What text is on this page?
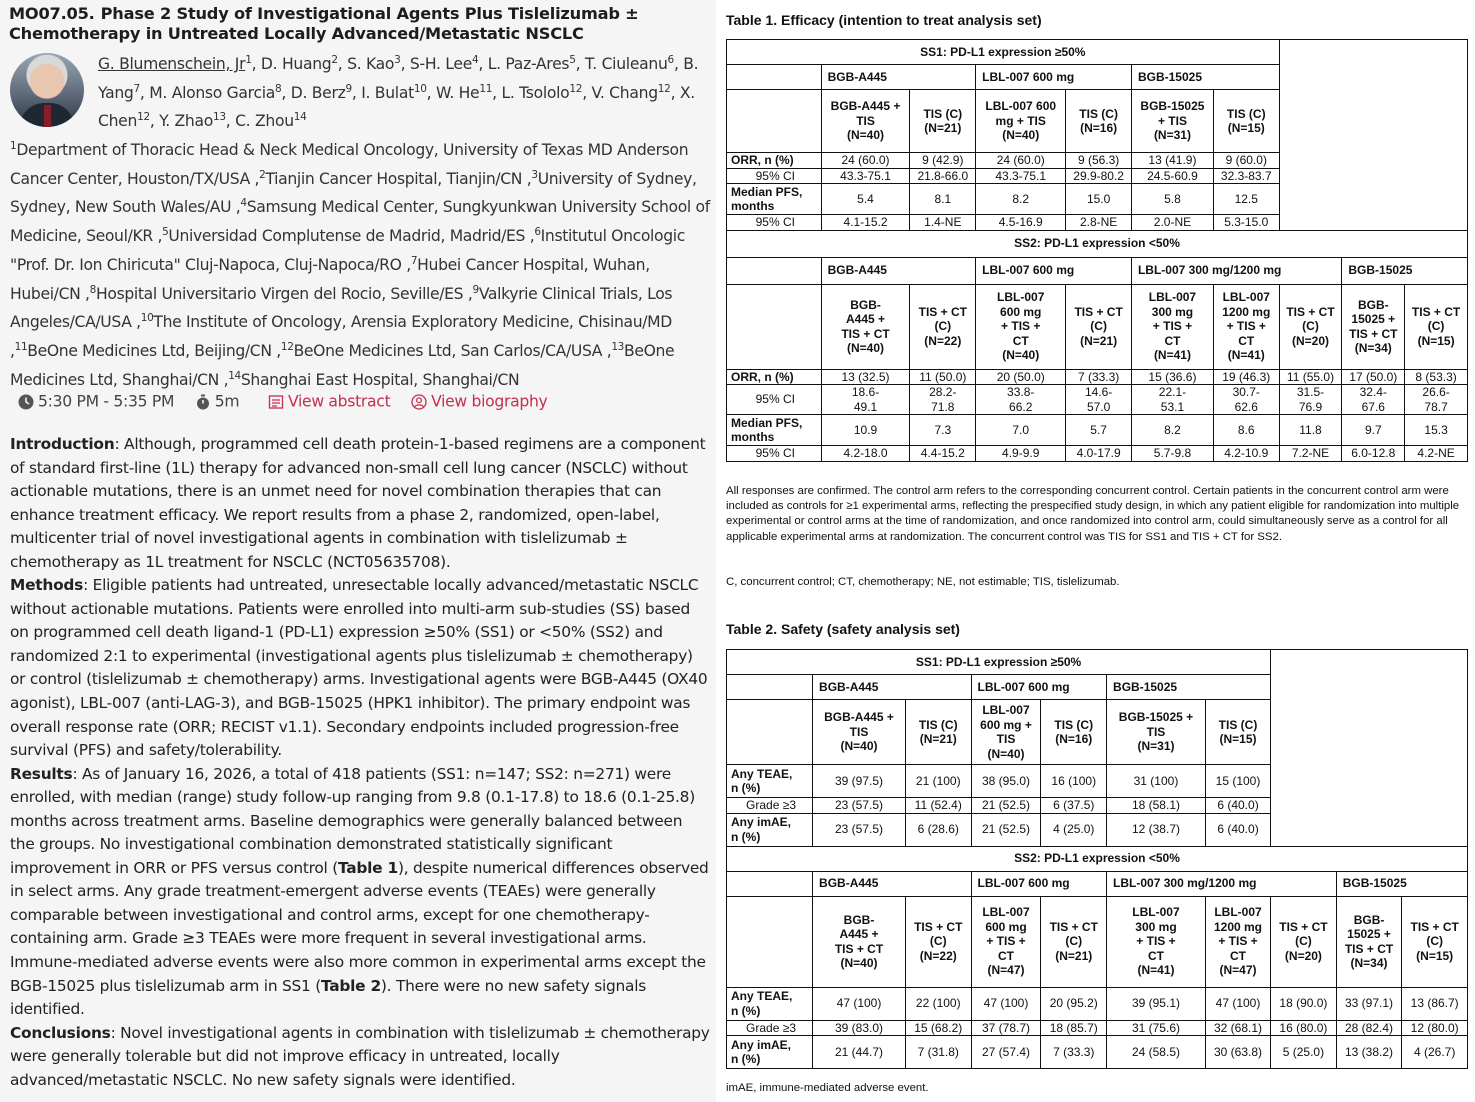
MO07.05. Phase 2 Study of Investigational Agents Plus Tislelizumab ± Chemotherapy in Untreated Locally Advanced/Metastatic NSCLC
G. Blumenschein, Jr$^1$, D. Huang$^2$, S. Kao$^3$, S-H. Lee$^4$, L. Paz-Ares$^5$, T. Ciuleanu$^6$, B. Yang$^7$, M. Alonso Garcia$^8$, D. Berz$^9$, I. Bulat$^{10}$, W. He$^{11}$, L. Tsololo$^{12}$, V. Chang$^{12}$, X. Chen$^{12}$, Y. Zhao$^{13}$, C. Zhou$^{14}$
$^1$Department of Thoracic Head & Neck Medical Oncology, University of Texas MD Anderson Cancer Center, Houston/TX/USA ,$^2$Tianjin Cancer Hospital, Tianjin/CN ,$^3$University of Sydney, Sydney, New South Wales/AU ,$^4$Samsung Medical Center, Sungkyunkwan University School of Medicine, Seoul/KR ,$^5$Universidad Complutense de Madrid, Madrid/ES ,$^6$Institutul Oncologic "Prof. Dr. Ion Chiricuta" Cluj-Napoca, Cluj-Napoca/RO ,$^7$Hubei Cancer Hospital, Wuhan, Hubei/CN ,$^8$Hospital Universitario Virgen del Rocio, Seville/ES ,$^9$Valkyrie Clinical Trials, Los Angeles/CA/USA ,$^{10}$The Institute of Oncology, Arensia Exploratory Medicine, Chisinau/MD ,$^{11}$BeOne Medicines Ltd, Beijing/CN ,$^{12}$BeOne Medicines Ltd, San Carlos/CA/USA ,$^{13}$BeOne Medicines Ltd, Shanghai/CN ,$^{14}$Shanghai East Hospital, Shanghai/CN
5:30 PM - 5:35 PM	5m	View abstract	View biography

Introduction: Although, programmed cell death protein-1-based regimens are a component of standard first-line (1L) therapy for advanced non-small cell lung cancer (NSCLC) without actionable mutations, there is an unmet need for novel combination therapies that can enhance treatment efficacy. We report results from a phase 2, randomized, open-label, multicenter trial of novel investigational agents in combination with tislelizumab ± chemotherapy as 1L treatment for NSCLC (NCT05635708).

Methods: Eligible patients had untreated, unresectable locally advanced/metastatic NSCLC without actionable mutations. Patients were enrolled into multi-arm sub-studies (SS) based on programmed cell death ligand-1 (PD-L1) expression ≥50% (SS1) or <50% (SS2) and randomized 2:1 to experimental (investigational agents plus tislelizumab ± chemotherapy) or control (tislelizumab ± chemotherapy) arms. Investigational agents were BGB-A445 (OX40 agonist), LBL-007 (anti-LAG-3), and BGB-15025 (HPK1 inhibitor). The primary endpoint was overall response rate (ORR; RECIST v1.1). Secondary endpoints included progression-free survival (PFS) and safety/tolerability.

Results: As of January 16, 2026, a total of 418 patients (SS1: n=147; SS2: n=271) were enrolled, with median (range) study follow-up ranging from 9.8 (0.1-17.8) to 18.6 (0.1-25.8) months across treatment arms. Baseline demographics were generally balanced between the groups. No investigational combination demonstrated statistically significant improvement in ORR or PFS versus control (Table 1), despite numerical differences observed in select arms. Any grade treatment-emergent adverse events (TEAEs) were generally comparable between investigational and control arms, except for one chemotherapy-containing arm. Grade ≥3 TEAEs were more frequent in several investigational arms. Immune-mediated adverse events were also more common in experimental arms except the BGB-15025 plus tislelizumab arm in SS1 (Table 2). There were no new safety signals identified.

Conclusions: Novel investigational agents in combination with tislelizumab ± chemotherapy were generally tolerable but did not improve efficacy in untreated, locally advanced/metastatic NSCLC. No new safety signals were identified.

Table 1. Efficacy (intention to treat analysis set)
SS1: PD-L1 expression ≥50%									
	BGB-A445		LBL-007 600 mg		BGB-15025				
	BGB-A445 +
TIS
(N=40)	TIS (C)
(N=21)	LBL-007 600
mg + TIS
(N=40)	TIS (C)
(N=16)	BGB-15025
+ TIS
(N=31)	TIS (C)
(N=15)			
ORR, n (%)	24 (60.0)	9 (42.9)	24 (60.0)	9 (56.3)	13 (41.9)	9 (60.0)			
95% CI	43.3-75.1	21.8-66.0	43.3-75.1	29.9-80.2	24.5-60.9	32.3-83.7			
Median PFS,
months	5.4	8.1	8.2	15.0	5.8	12.5			
95% CI	4.1-15.2	1.4-NE	4.5-16.9	2.8-NE	2.0-NE	5.3-15.0			
SS2: PD-L1 expression <50%									
	BGB-A445		LBL-007 600 mg		LBL-007 300 mg/1200 mg			BGB-15025	
	BGB-
A445 +
TIS + CT
(N=40)	TIS + CT
(C)
(N=22)	LBL-007
600 mg
+ TIS +
CT
(N=40)	TIS + CT
(C)
(N=21)	LBL-007
300 mg
+ TIS +
CT
(N=41)	LBL-007
1200 mg
+ TIS +
CT
(N=41)	TIS + CT
(C)
(N=20)	BGB-
15025 +
TIS + CT
(N=34)	TIS + CT
(C)
(N=15)
ORR, n (%)	13 (32.5)	11 (50.0)	20 (50.0)	7 (33.3)	15 (36.6)	19 (46.3)	11 (55.0)	17 (50.0)	8 (53.3)
95% CI	18.6-
49.1	28.2-
71.8	33.8-
66.2	14.6-
57.0	22.1-
53.1	30.7-
62.6	31.5-
76.9	32.4-
67.6	26.6-
78.7
Median PFS,
months	10.9	7.3	7.0	5.7	8.2	8.6	11.8	9.7	15.3
95% CI	4.2-18.0	4.4-15.2	4.9-9.9	4.0-17.9	5.7-9.8	4.2-10.9	7.2-NE	6.0-12.8	4.2-NE
All responses are confirmed. The control arm refers to the corresponding concurrent control. Certain patients in the concurrent control arm were included as controls for ≥1 experimental arms, reflecting the prespecified study design, in which any patient eligible for randomization into multiple experimental or control arms at the time of randomization, and once randomized into control arm, could simultaneously serve as a control for all applicable experimental arms at randomization. The concurrent control was TIS for SS1 and TIS + CT for SS2.
C, concurrent control; CT, chemotherapy; NE, not estimable; TIS, tislelizumab.
Table 2. Safety (safety analysis set)
SS1: PD-L1 expression ≥50%									
	BGB-A445		LBL-007 600 mg		BGB-15025				
	BGB-A445 +
TIS
(N=40)	TIS (C)
(N=21)	LBL-007
600 mg +
TIS
(N=40)	TIS (C)
(N=16)	BGB-15025 +
TIS
(N=31)	TIS (C)
(N=15)			
Any TEAE,
n (%)	39 (97.5)	21 (100)	38 (95.0)	16 (100)	31 (100)	15 (100)			
Grade ≥3	23 (57.5)	11 (52.4)	21 (52.5)	6 (37.5)	18 (58.1)	6 (40.0)			
Any imAE,
n (%)	23 (57.5)	6 (28.6)	21 (52.5)	4 (25.0)	12 (38.7)	6 (40.0)			
SS2: PD-L1 expression <50%									
	BGB-A445		LBL-007 600 mg		LBL-007 300 mg/1200 mg			BGB-15025	
	BGB-
A445 +
TIS + CT
(N=40)	TIS + CT
(C)
(N=22)	LBL-007
600 mg
+ TIS +
CT
(N=47)	TIS + CT
(C)
(N=21)	LBL-007
300 mg
+ TIS +
CT
(N=41)	LBL-007
1200 mg
+ TIS +
CT
(N=47)	TIS + CT
(C)
(N=20)	BGB-
15025 +
TIS + CT
(N=34)	TIS + CT
(C)
(N=15)
Any TEAE,
n (%)	47 (100)	22 (100)	47 (100)	20 (95.2)	39 (95.1)	47 (100)	18 (90.0)	33 (97.1)	13 (86.7)
Grade ≥3	39 (83.0)	15 (68.2)	37 (78.7)	18 (85.7)	31 (75.6)	32 (68.1)	16 (80.0)	28 (82.4)	12 (80.0)
Any imAE,
n (%)	21 (44.7)	7 (31.8)	27 (57.4)	7 (33.3)	24 (58.5)	30 (63.8)	5 (25.0)	13 (38.2)	4 (26.7)
imAE, immune-mediated adverse event.
